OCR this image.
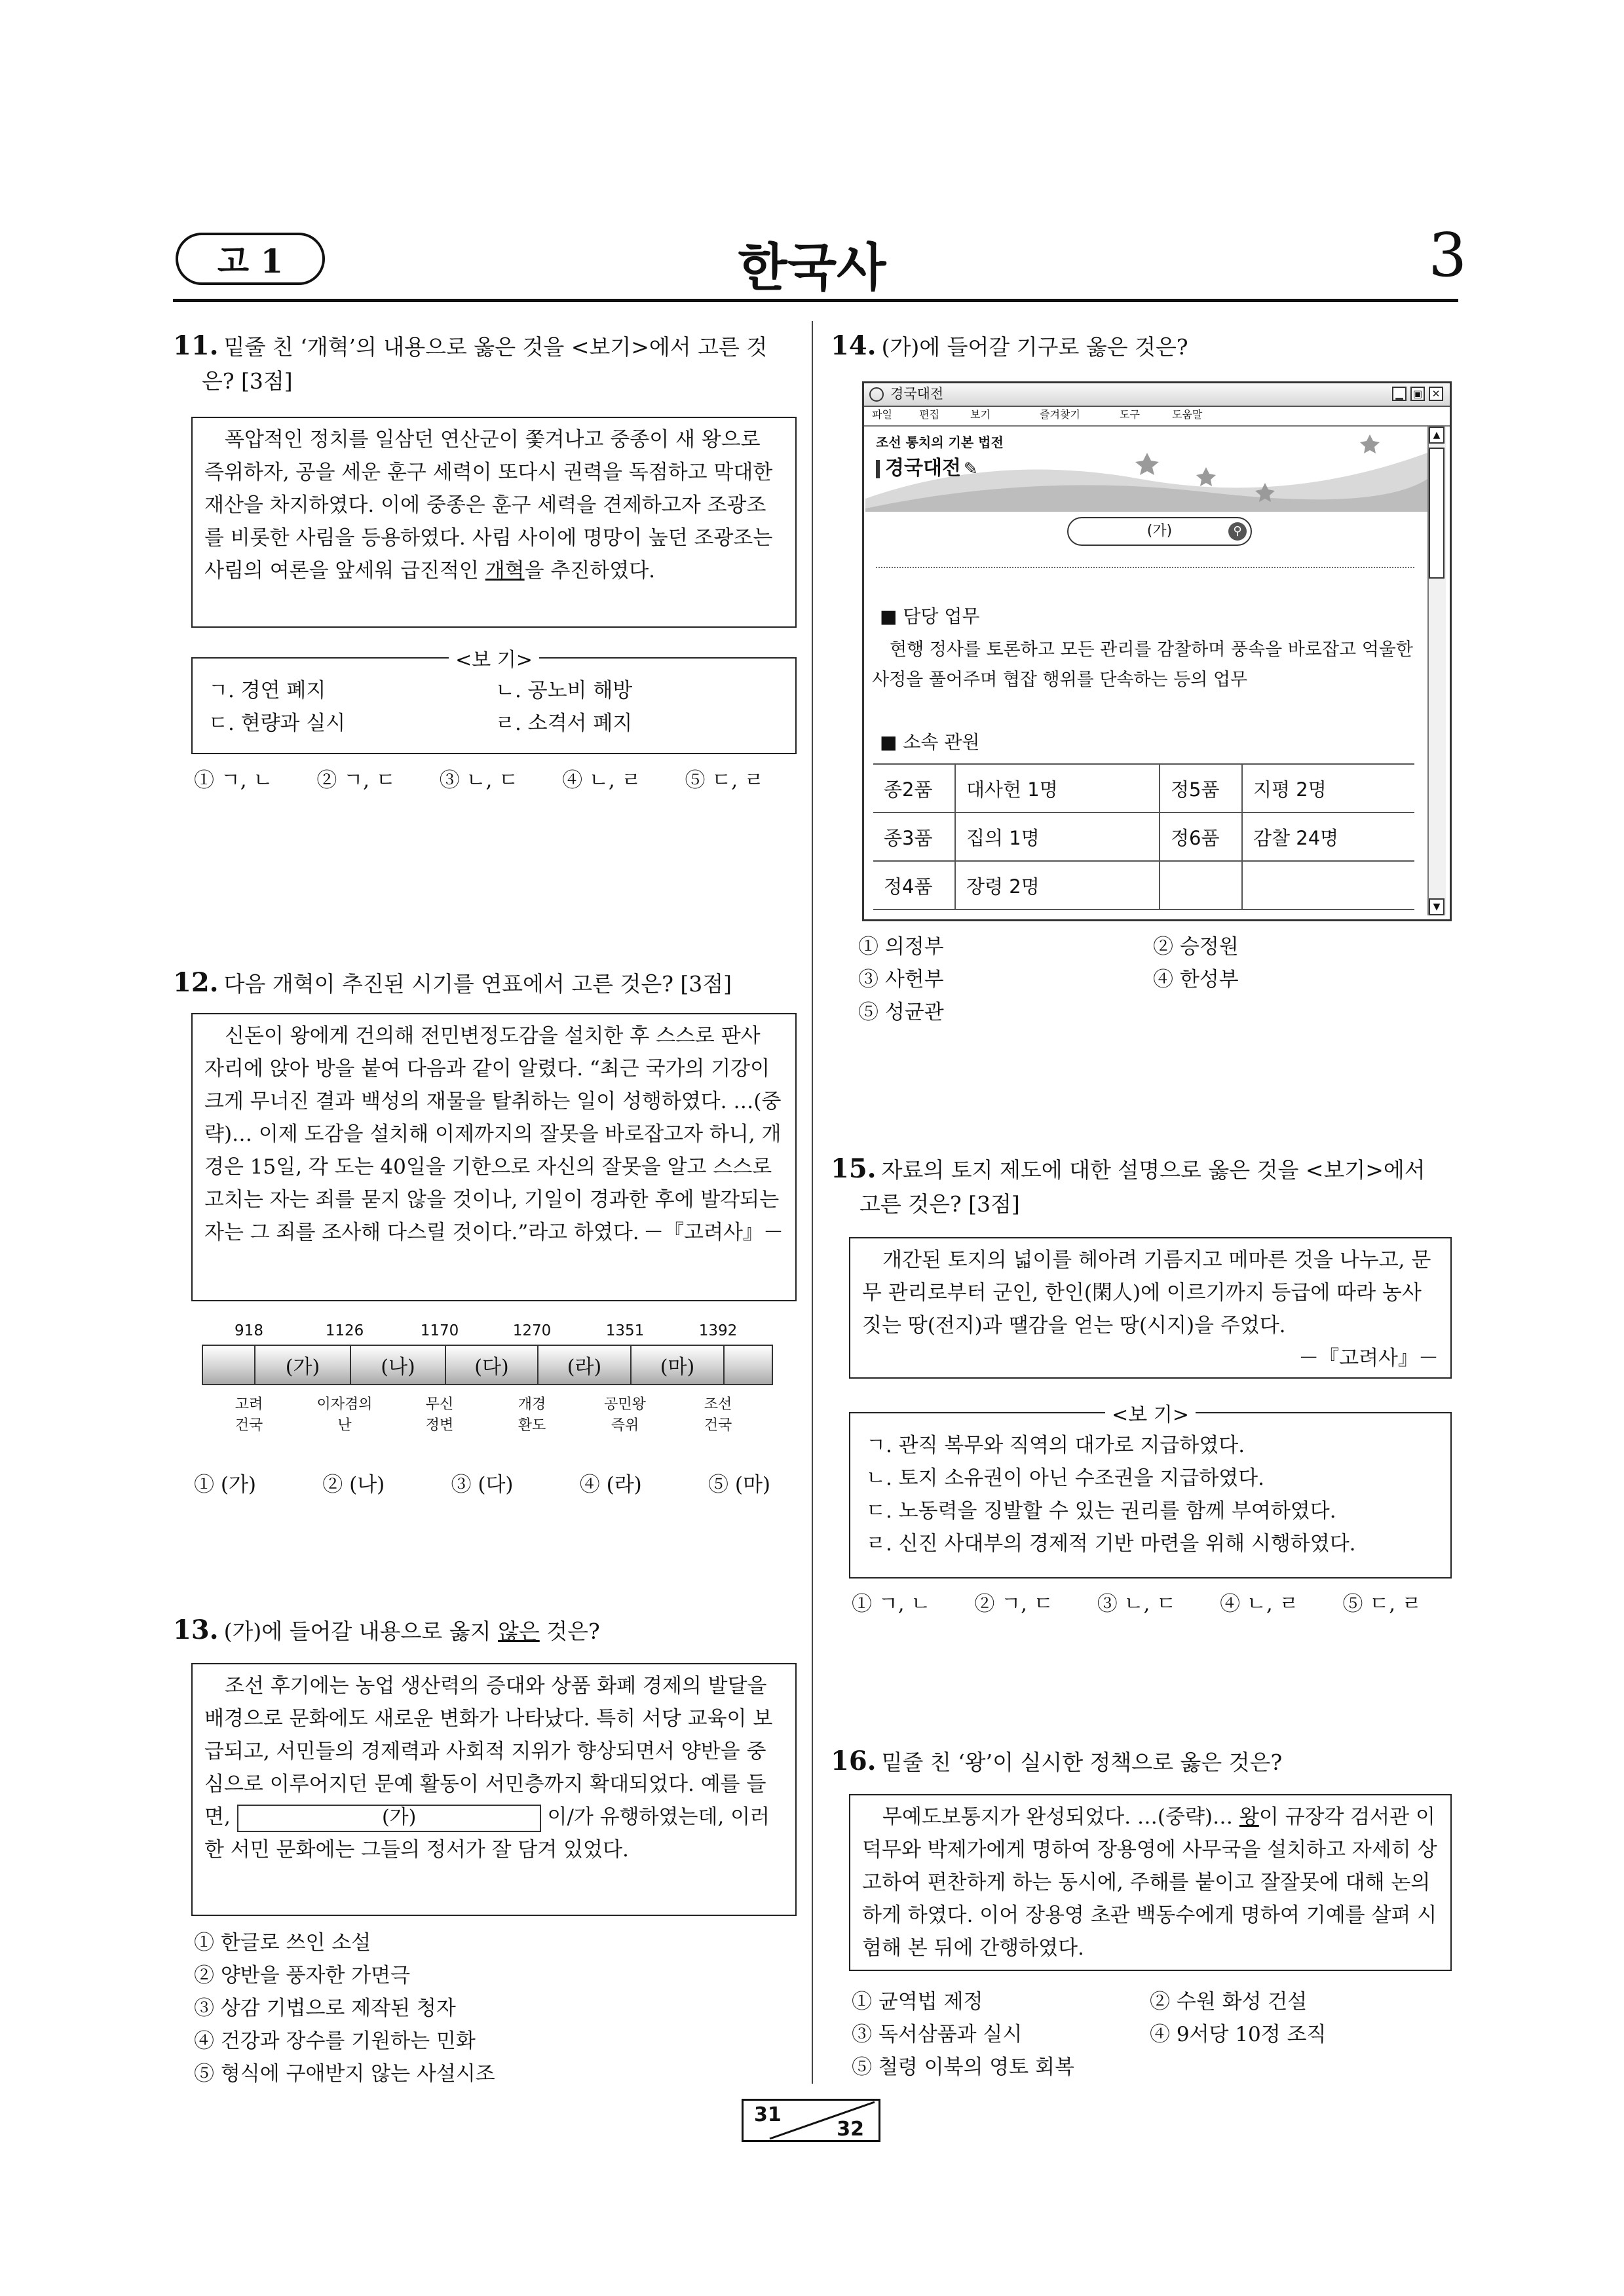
고 1	한국사	3
11. 밑줄 친 ‘개혁’의 내용으로 옳은 것을 <보기>에서 고른 것
은? [3점]

폭압적인 정치를 일삼던 연산군이 쫓겨나고 중종이 새 왕으로 즉위하자, 공을 세운 훈구 세력이 또다시 권력을 독점하고 막대한 재산을 차지하였다. 이에 중종은 훈구 세력을 견제하고자 조광조를 비롯한 사림을 등용하였다. 사림 사이에 명망이 높던 조광조는 사림의 여론을 앞세워 급진적인 개혁을 추진하였다.

<보 기>
ㄱ. 경연 폐지	ㄴ. 공노비 해방
ㄷ. 현량과 실시	ㄹ. 소격서 폐지
① ㄱ, ㄴ ② ㄱ, ㄷ ③ ㄴ, ㄷ ④ ㄴ, ㄹ ⑤ ㄷ, ㄹ
12. 다음 개혁이 추진된 시기를 연표에서 고른 것은? [3점]

신돈이 왕에게 건의해 전민변정도감을 설치한 후 스스로 판사 자리에 앉아 방을 붙여 다음과 같이 알렸다. “최근 국가의 기강이 크게 무너진 결과 백성의 재물을 탈취하는 일이 성행하였다. …(중략)… 이제 도감을 설치해 이제까지의 잘못을 바로잡고자 하니, 개경은 15일, 각 도는 40일을 기한으로 자신의 잘못을 알고 스스로 고치는 자는 죄를 묻지 않을 것이나, 기일이 경과한 후에 발각되는 자는 그 죄를 조사해 다스릴 것이다.”라고 하였다. －『고려사』－
918	1126	1170	1270	1351	1392
(가)	(나)	(다)	(라)	(마)
고려
건국
이자겸의
난
무신
정변
개경
환도
공민왕
즉위
조선
건국
① (가)	② (나)	③ (다)	④ (라)	⑤ (마)
13. (가)에 들어갈 내용으로 옳지 않은 것은?

조선 후기에는 농업 생산력의 증대와 상품 화폐 경제의 발달을 배경으로 문화에도 새로운 변화가 나타났다. 특히 서당 교육이 보급되고, 서민들의 경제력과 사회적 지위가 향상되면서 양반을 중심으로 이루어지던 문예 활동이 서민층까지 확대되었다. 예를 들면,	(가)	이/가 유행하였는데, 이러한 서민 문화에는 그들의 정서가 잘 담겨 있었다.

① 한글로 쓰인 소설
② 양반을 풍자한 가면극
③ 상감 기법으로 제작된 청자
④ 건강과 장수를 기원하는 민화
⑤ 형식에 구애받지 않는 사설시조
14. (가)에 들어갈 기구로 옳은 것은?
경국대전	▁	▣ ✕
파일	편집	보기	즐겨찾기	도구	도움말
조선 통치의 기본 법전
경국대전 ✎
(가)	⚲
■ 담당 업무
현행 정사를 토론하고 모든 관리를 감찰하며 풍속을 바로잡고 억울한 사정을 풀어주며 협잡 행위를 단속하는 등의 업무
■ 소속 관원
종2품	대사헌 1명	정5품	지평 2명
종3품	집의 1명	정6품	감찰 24명
정4품	장령 2명		
▲
▼
① 의정부	② 승정원
③ 사헌부	④ 한성부
⑤ 성균관
15. 자료의 토지 제도에 대한 설명으로 옳은 것을 <보기>에서
고른 것은? [3점]

개간된 토지의 넓이를 헤아려 기름지고 메마른 것을 나누고, 문무 관리로부터 군인, 한인(閑人)에 이르기까지 등급에 따라 농사짓는 땅(전지)과 땔감을 얻는 땅(시지)을 주었다.

－『고려사』－
<보 기>
ㄱ. 관직 복무와 직역의 대가로 지급하였다.
ㄴ. 토지 소유권이 아닌 수조권을 지급하였다.
ㄷ. 노동력을 징발할 수 있는 권리를 함께 부여하였다.
ㄹ. 신진 사대부의 경제적 기반 마련을 위해 시행하였다.
① ㄱ, ㄴ ② ㄱ, ㄷ ③ ㄴ, ㄷ ④ ㄴ, ㄹ ⑤ ㄷ, ㄹ
16. 밑줄 친 ‘왕’이 실시한 정책으로 옳은 것은?

무예도보통지가 완성되었다. …(중략)… 왕이 규장각 검서관 이덕무와 박제가에게 명하여 장용영에 사무국을 설치하고 자세히 상고하여 편찬하게 하는 동시에, 주해를 붙이고 잘잘못에 대해 논의하게 하였다. 이어 장용영 초관 백동수에게 명하여 기예를 살펴 시험해 본 뒤에 간행하였다.

① 균역법 제정	② 수원 화성 건설
③ 독서삼품과 실시	④ 9서당 10정 조직
⑤ 철령 이북의 영토 회복
31
32
